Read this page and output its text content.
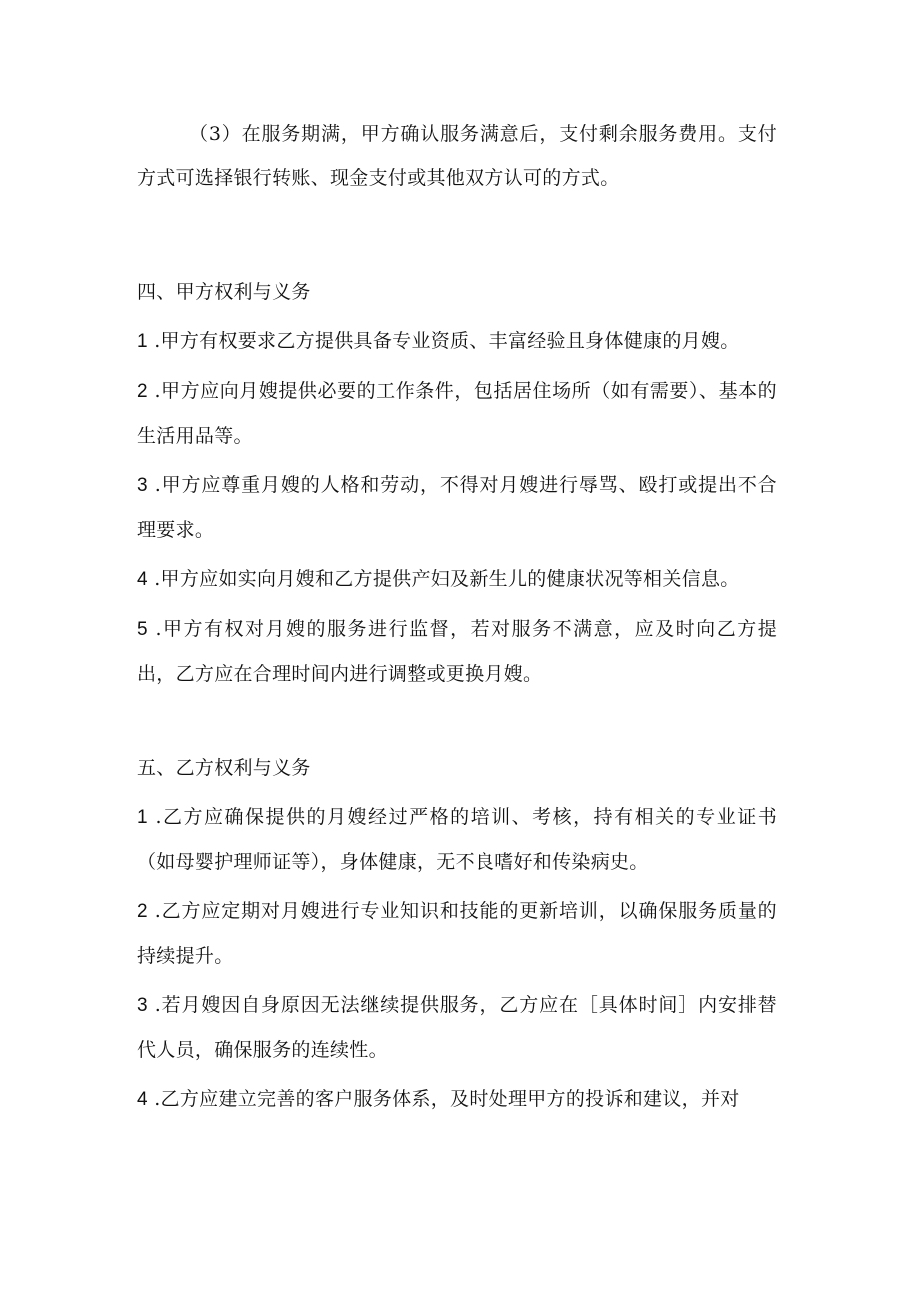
（3）在服务期满，甲方确认服务满意后，支付剩余服务费用。支付方式可选择银行转账、现金支付或其他双方认可的方式。

四、甲方权利与义务

1 .甲方有权要求乙方提供具备专业资质、丰富经验且身体健康的月嫂。

2 .甲方应向月嫂提供必要的工作条件，包括居住场所（如有需要）、基本的生活用品等。

3 .甲方应尊重月嫂的人格和劳动，不得对月嫂进行辱骂、殴打或提出不合理要求。

4 .甲方应如实向月嫂和乙方提供产妇及新生儿的健康状况等相关信息。

5 .甲方有权对月嫂的服务进行监督，若对服务不满意，应及时向乙方提出，乙方应在合理时间内进行调整或更换月嫂。

五、乙方权利与义务

1 .乙方应确保提供的月嫂经过严格的培训、考核，持有相关的专业证书（如母婴护理师证等），身体健康，无不良嗜好和传染病史。

2 .乙方应定期对月嫂进行专业知识和技能的更新培训，以确保服务质量的持续提升。

3 .若月嫂因自身原因无法继续提供服务，乙方应在［具体时间］内安排替代人员，确保服务的连续性。

4 .乙方应建立完善的客户服务体系，及时处理甲方的投诉和建议，并对
